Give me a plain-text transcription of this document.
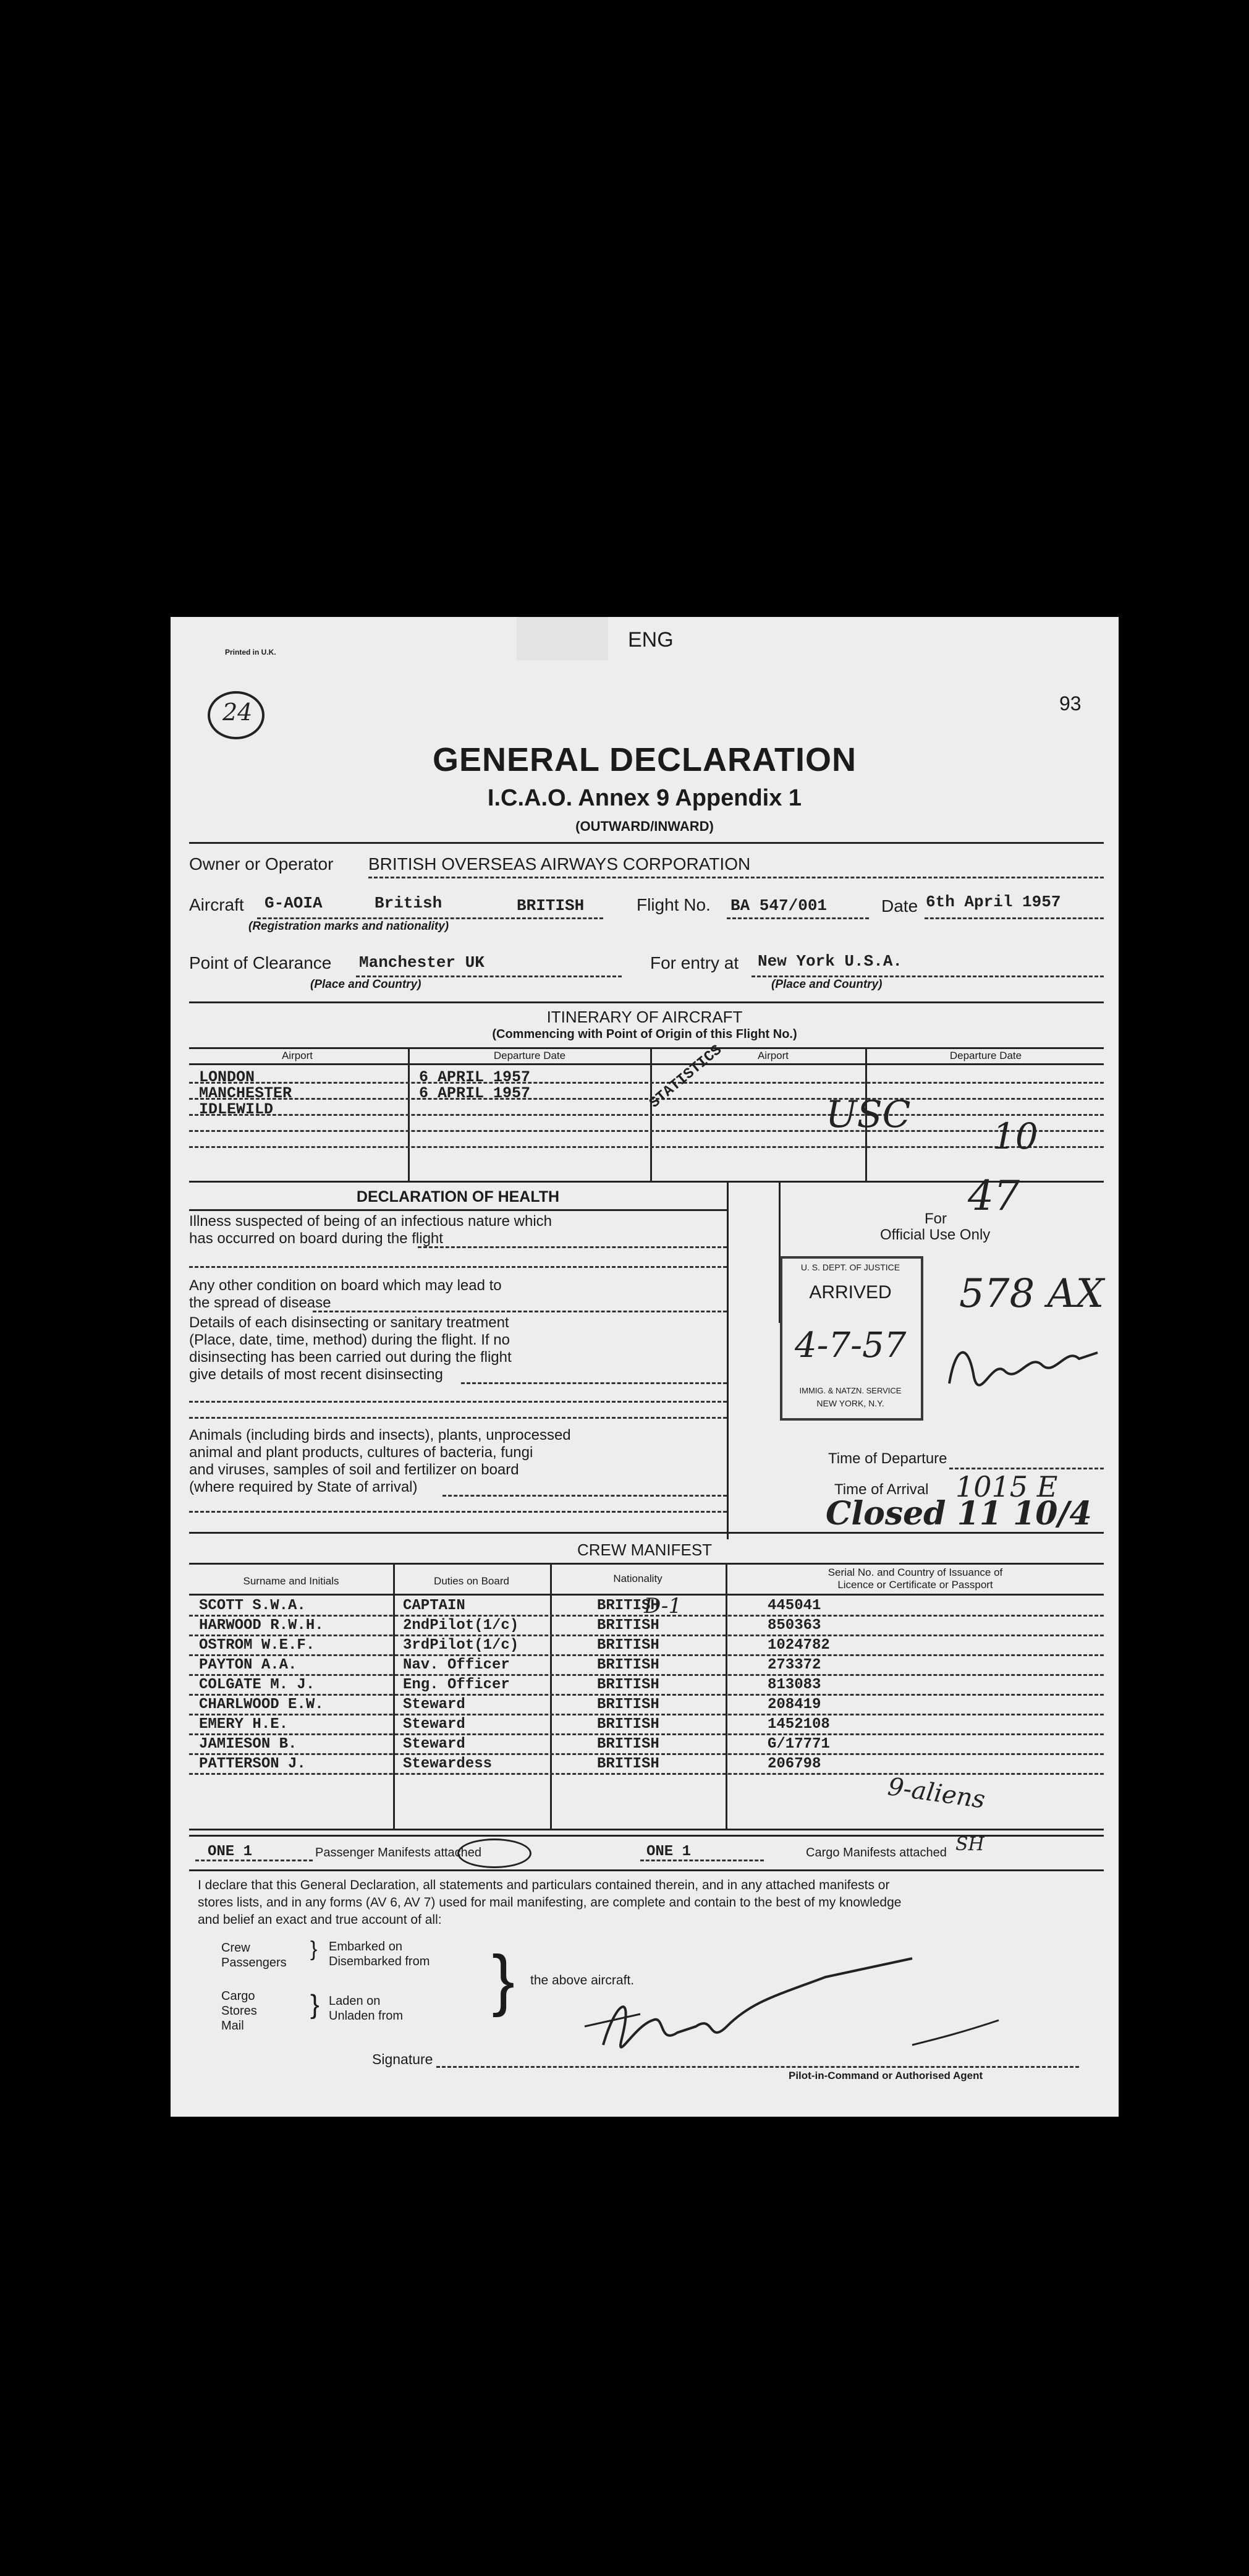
Printed in U.K.
ENG
93
24
GENERAL DECLARATION
I.C.A.O. Annex 9 Appendix 1
(OUTWARD/INWARD)
Owner or Operator BRITISH OVERSEAS AIRWAYS CORPORATION
Aircraft G-AOIA	British	BRITISH
(Registration marks and nationality)
Flight No. BA 547/001	Date 6th April 1957
Point of Clearance Manchester UK
(Place and Country)
For entry at New York U.S.A.
(Place and Country)
ITINERARY OF AIRCRAFT
(Commencing with Point of Origin of this Flight No.)
Airport	Departure Date	Airport	Departure Date
LONDON	6 APRIL 1957
MANCHESTER	6 APRIL 1957
IDLEWILD	STATISTICS
USC 10
47
DECLARATION OF HEALTH
Illness suspected of being of an infectious nature which
has occurred on board during the flight
Any other condition on board which may lead to
the spread of disease
Details of each disinsecting or sanitary treatment
(Place, date, time, method) during the flight. If no
disinsecting has been carried out during the flight
give details of most recent disinsecting
Animals (including birds and insects), plants, unprocessed
animal and plant products, cultures of bacteria, fungi
and viruses, samples of soil and fertilizer on board
(where required by State of arrival)
For
Official Use Only
U. S. DEPT. OF JUSTICE
ARRIVED
4-7-57
IMMIG. & NATZN. SERVICE
NEW YORK, N.Y.
578 AX
Time of Departure
Time of Arrival 1015 E
Closed 11 10/4
CREW MANIFEST
Surname and Initials	Duties on Board	Nationality
Serial No. and Country of Issuance of
Licence or Certificate or Passport
SCOTT S.W.A.	CAPTAIN	BRITISH	445041
HARWOOD R.W.H.	2ndPilot(1/c)	BRITISH	850363
OSTROM W.E.F.	3rdPilot(1/c)	BRITISH	1024782
PAYTON A.A.	Nav. Officer	BRITISH	273372
COLGATE M. J.	Eng. Officer	BRITISH	813083
CHARLWOOD E.W.	Steward	BRITISH	208419
EMERY H.E.	Steward	BRITISH	1452108
JAMIESON B.	Steward	BRITISH	G/17771
PATTERSON J.	Stewardess	BRITISH	206798
D-1
9-aliens
SH
ONE 1	Passenger Manifests attached	ONE 1	Cargo Manifests attached
I declare that this General Declaration, all statements and particulars contained therein, and in any attached manifests or
stores lists, and in any forms (AV 6, AV 7) used for mail manifesting, are complete and contain to the best of my knowledge
and belief an exact and true account of all:
Crew
Passengers
} Embarked on
Disembarked from
Cargo
Stores
Mail
} Laden on
Unladen from } the above aircraft.
Signature
Pilot-in-Command or Authorised Agent
